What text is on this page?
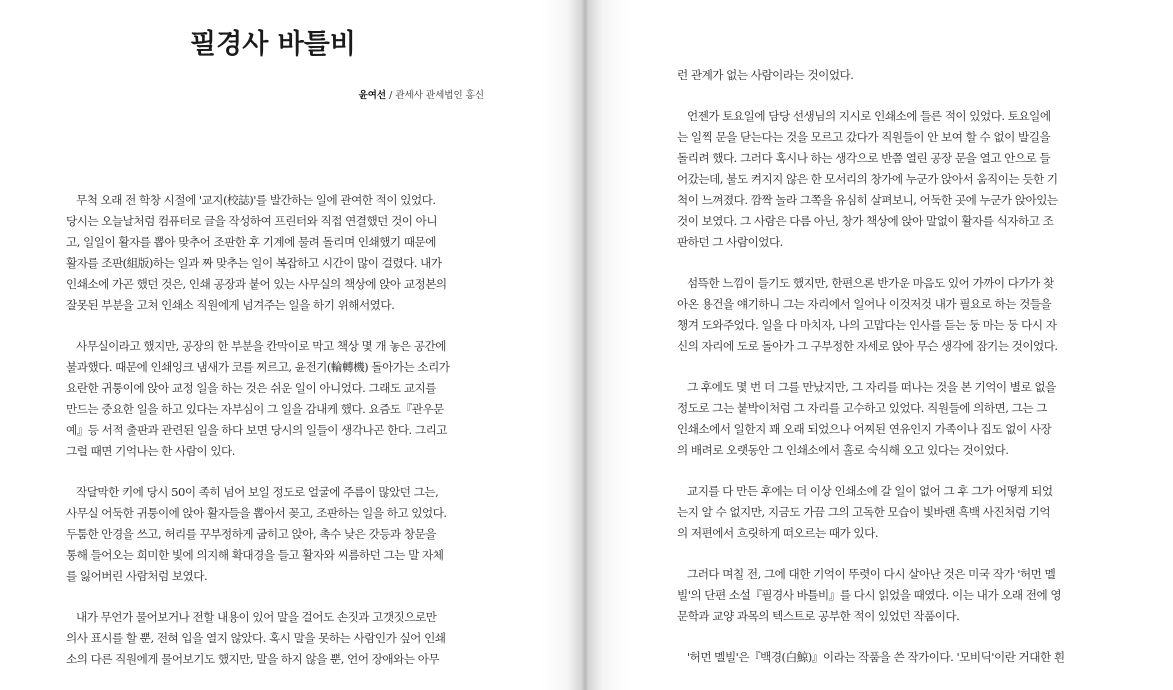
필경사 바틀비
윤여선 / 관세사 관세법인 홍신
무척 오래 전 학창 시절에 '교지(校誌)'를 발간하는 일에 관여한 적이 있었다.
당시는 오늘날처럼 컴퓨터로 글을 작성하여 프린터와 직접 연결했던 것이 아니
고, 일일이 활자를 뽑아 맞추어 조판한 후 기계에 물려 돌리며 인쇄했기 때문에
활자를 조판(組版)하는 일과 짜 맞추는 일이 복잡하고 시간이 많이 걸렸다. 내가
인쇄소에 가곤 했던 것은, 인쇄 공장과 붙어 있는 사무실의 책상에 앉아 교정본의
잘못된 부분을 고쳐 인쇄소 직원에게 넘겨주는 일을 하기 위해서였다.
사무실이라고 했지만, 공장의 한 부분을 칸막이로 막고 책상 몇 개 놓은 공간에
불과했다. 때문에 인쇄잉크 냄새가 코를 찌르고, 윤전기(輪轉機) 돌아가는 소리가
요란한 귀퉁이에 앉아 교정 일을 하는 것은 쉬운 일이 아니었다. 그래도 교지를
만드는 중요한 일을 하고 있다는 자부심이 그 일을 감내케 했다. 요즘도『관우문
예』등 서적 출판과 관련된 일을 하다 보면 당시의 일들이 생각나곤 한다. 그리고
그럴 때면 기억나는 한 사람이 있다.
작달막한 키에 당시 50이 족히 넘어 보일 정도로 얼굴에 주름이 많았던 그는,
사무실 어둑한 귀퉁이에 앉아 활자들을 뽑아서 꽂고, 조판하는 일을 하고 있었다.
두툼한 안경을 쓰고, 허리를 꾸부정하게 굽히고 앉아, 촉수 낮은 갓등과 창문을
통해 들어오는 희미한 빛에 의지해 확대경을 들고 활자와 씨름하던 그는 말 자체
를 잃어버린 사람처럼 보였다.
내가 무언가 물어보거나 전할 내용이 있어 말을 걸어도 손짓과 고갯짓으로만
의사 표시를 할 뿐, 전혀 입을 열지 않았다. 혹시 말을 못하는 사람인가 싶어 인쇄
소의 다른 직원에게 물어보기도 했지만, 말을 하지 않을 뿐, 언어 장애와는 아무
런 관계가 없는 사람이라는 것이었다.
언젠가 토요일에 담당 선생님의 지시로 인쇄소에 들른 적이 있었다. 토요일에
는 일찍 문을 닫는다는 것을 모르고 갔다가 직원들이 안 보여 할 수 없이 발길을
돌리려 했다. 그러다 혹시나 하는 생각으로 반쯤 열린 공장 문을 열고 안으로 들
어갔는데, 불도 켜지지 않은 한 모서리의 창가에 누군가 앉아서 움직이는 듯한 기
척이 느껴졌다. 깜짝 놀라 그쪽을 유심히 살펴보니, 어둑한 곳에 누군가 앉아있는
것이 보였다. 그 사람은 다름 아닌, 창가 책상에 앉아 말없이 활자를 식자하고 조
판하던 그 사람이었다.
섬뜩한 느낌이 들기도 했지만, 한편으론 반가운 마음도 있어 가까이 다가가 찾
아온 용건을 얘기하니 그는 자리에서 일어나 이것저것 내가 필요로 하는 것들을
챙겨 도와주었다. 일을 다 마치자, 나의 고맙다는 인사를 듣는 둥 마는 둥 다시 자
신의 자리에 도로 돌아가 그 구부정한 자세로 앉아 무슨 생각에 잠기는 것이었다.
그 후에도 몇 번 더 그를 만났지만, 그 자리를 떠나는 것을 본 기억이 별로 없을
정도로 그는 붙박이처럼 그 자리를 고수하고 있었다. 직원들에 의하면, 그는 그
인쇄소에서 일한지 꽤 오래 되었으나 어찌된 연유인지 가족이나 집도 없이 사장
의 배려로 오랫동안 그 인쇄소에서 홀로 숙식해 오고 있다는 것이었다.
교지를 다 만든 후에는 더 이상 인쇄소에 갈 일이 없어 그 후 그가 어떻게 되었
는지 알 수 없지만, 지금도 가끔 그의 고독한 모습이 빛바랜 흑백 사진처럼 기억
의 저편에서 흐릿하게 떠오르는 때가 있다.
그러다 며칠 전, 그에 대한 기억이 뚜렷이 다시 살아난 것은 미국 작가 '허먼 멜
빌'의 단편 소설『필경사 바틀비』를 다시 읽었을 때였다. 이는 내가 오래 전에 영
문학과 교양 과목의 텍스트로 공부한 적이 있었던 작품이다.
'허먼 멜빌'은『백경(白鯨)』이라는 작품을 쓴 작가이다. '모비딕'이란 거대한 흰
